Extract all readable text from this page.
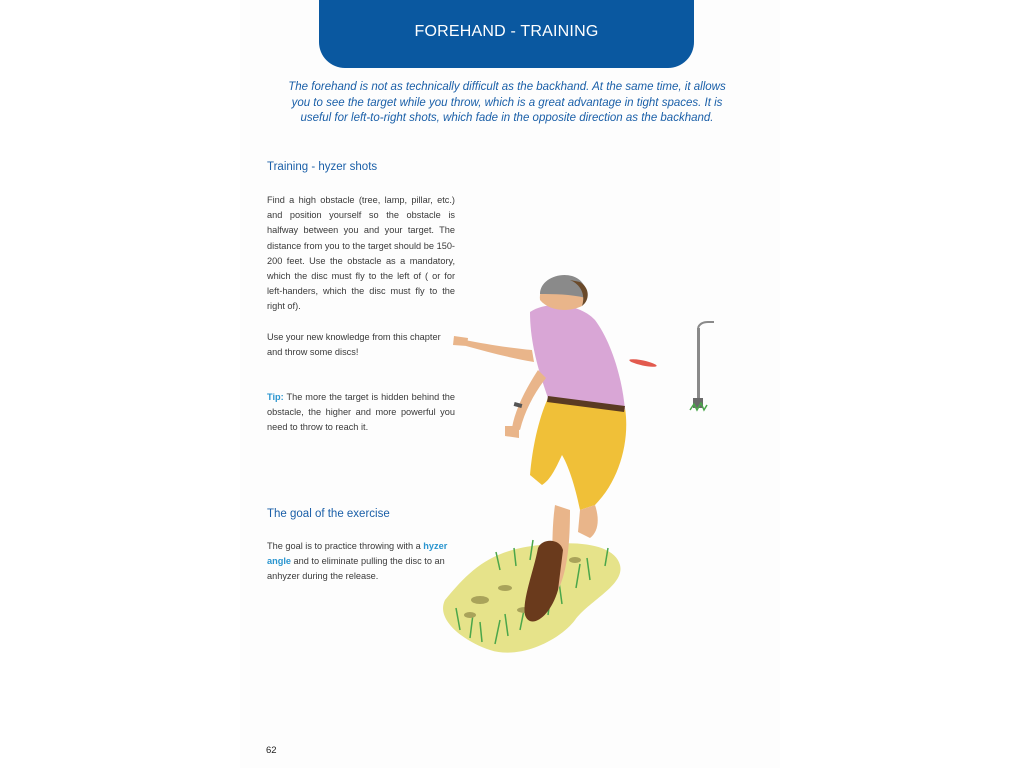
FOREHAND - TRAINING

The forehand is not as technically difficult as the backhand. At the same time, it allows you to see the target while you throw, which is a great advantage in tight spaces. It is useful for left-to-right shots, which fade in the opposite direction as the backhand.

Training - hyzer shots

Find a high obstacle (tree, lamp, pillar, etc.) and position yourself so the obstacle is halfway between you and your target. The distance from you to the target should be 150-200 feet. Use the obstacle as a mandatory, which the disc must fly to the left of ( or for left-handers, which the disc must fly to the right of).

Use your new knowledge from this chapter and throw some discs!

Tip: The more the target is hidden behind the obstacle, the higher and more powerful you need to throw to reach it.

The goal of the exercise

The goal is to practice throwing with a hyzer angle and to eliminate pulling the disc to an anhyzer during the release.

62
